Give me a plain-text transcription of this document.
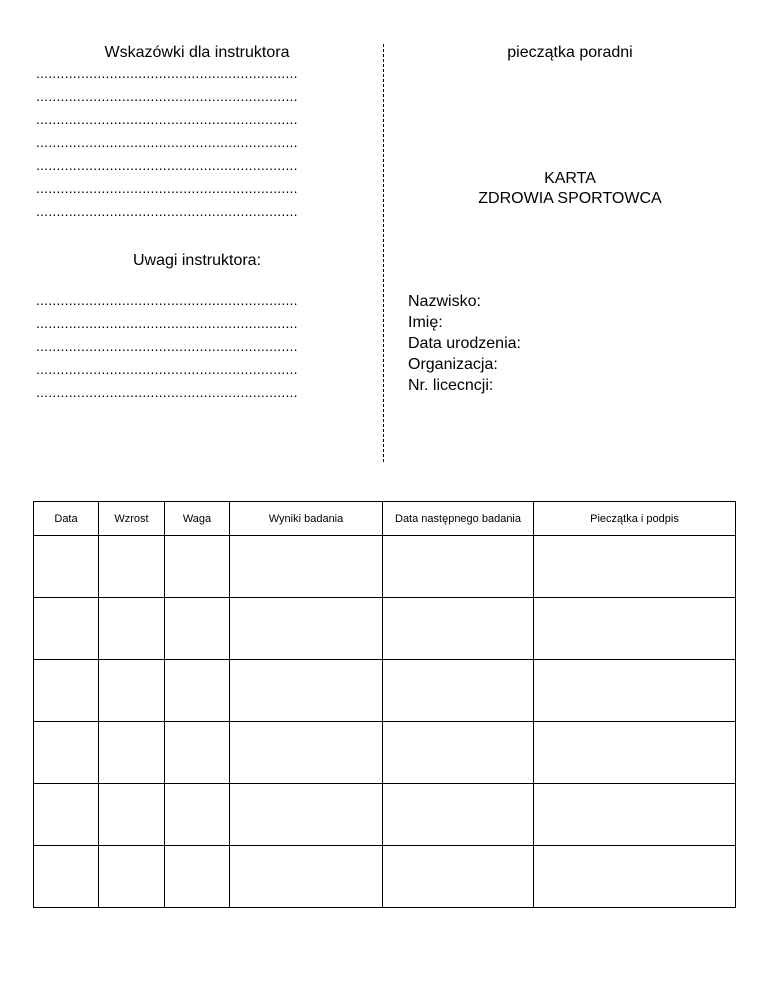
Wskazówki dla instruktora
................................................................
................................................................
................................................................
................................................................
................................................................
................................................................
................................................................
Uwagi instruktora:
................................................................
................................................................
................................................................
................................................................
................................................................
pieczątka poradni
KARTA
ZDROWIA SPORTOWCA
Nazwisko:
Imię:
Data urodzenia:
Organizacja:
Nr. licecncji:
Data	Wzrost	Waga	Wyniki badania	Data następnego badania	Pieczątka i podpis
